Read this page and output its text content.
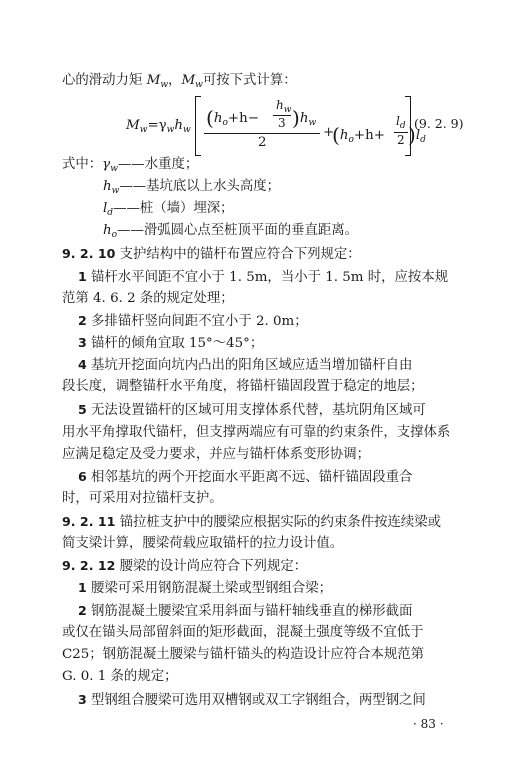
心的滑动力矩 $M_w$，$M_w$可按下式计算：
$M_w=\gamma_wh_w$ ($h_o+h-$
$h_w$
3 )$h_w$
2
+
($h_o+h+$
$l_d$
2 )$l_d$
(9. 2. 9)
式中：$\gamma_w——$水重度；
$h_w——$基坑底以上水头高度；
$l_d——$桩（墙）埋深；
$h_o——$滑弧圆心点至桩顶平面的垂直距离。
9. 2. 10 支护结构中的锚杆布置应符合下列规定：
1 锚杆水平间距不宜小于 1. 5m，当小于 1. 5m 时，应按本规
范第 4. 6. 2 条的规定处理；
2 多排锚杆竖向间距不宜小于 2. 0m；
3 锚杆的倾角宜取 15°～45°；
4 基坑开挖面向坑内凸出的阳角区域应适当增加锚杆自由
段长度，调整锚杆水平角度，将锚杆锚固段置于稳定的地层；
5 无法设置锚杆的区域可用支撑体系代替，基坑阴角区域可
用水平角撑取代锚杆，但支撑两端应有可靠的约束条件，支撑体系
应满足稳定及受力要求，并应与锚杆体系变形协调；
6 相邻基坑的两个开挖面水平距离不远、锚杆锚固段重合
时，可采用对拉锚杆支护。
9. 2. 11 锚拉桩支护中的腰梁应根据实际的约束条件按连续梁或
简支梁计算，腰梁荷载应取锚杆的拉力设计值。
9. 2. 12 腰梁的设计尚应符合下列规定：
1 腰梁可采用钢筋混凝土梁或型钢组合梁；
2 钢筋混凝土腰梁宜采用斜面与锚杆轴线垂直的梯形截面
或仅在锚头局部留斜面的矩形截面，混凝土强度等级不宜低于
C25；钢筋混凝土腰梁与锚杆锚头的构造设计应符合本规范第
G. 0. 1 条的规定；
3 型钢组合腰梁可选用双槽钢或双工字钢组合，两型钢之间
· 83 ·
